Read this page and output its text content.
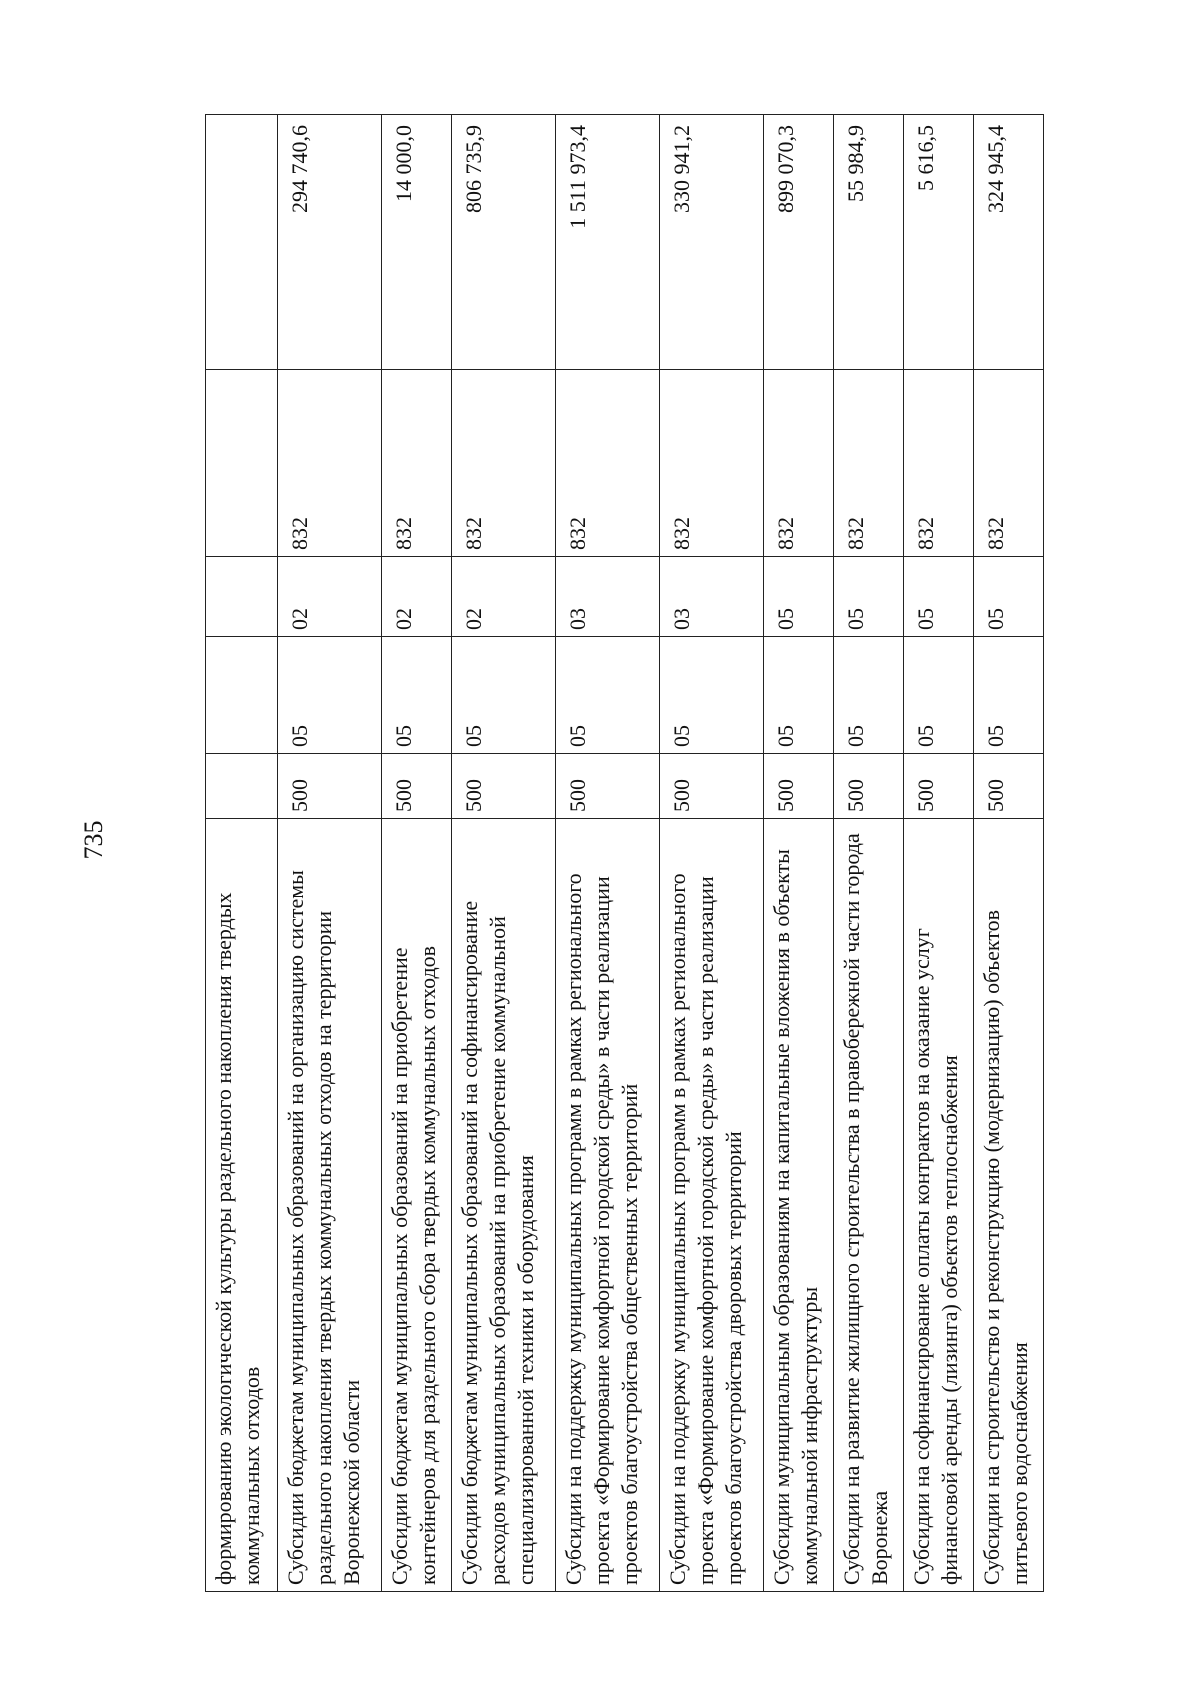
735
формированию экологической культуры раздельного накопления твердых коммунальных отходов					
Субсидии бюджетам муниципальных образований на организацию системы раздельного накопления твердых коммунальных отходов на территории Воронежской области	500	05	02	832	294 740,6
Субсидии бюджетам муниципальных образований на приобретение контейнеров для раздельного сбора твердых коммунальных отходов	500	05	02	832	14 000,0
Субсидии бюджетам муниципальных образований на софинансирование расходов муниципальных образований на приобретение коммунальной специализированной техники и оборудования	500	05	02	832	806 735,9
Субсидии на поддержку муниципальных программ в рамках регионального проекта «Формирование комфортной городской среды» в части реализации проектов благоустройства общественных территорий	500	05	03	832	1 511 973,4
Субсидии на поддержку муниципальных программ в рамках регионального проекта «Формирование комфортной городской среды» в части реализации проектов благоустройства дворовых территорий	500	05	03	832	330 941,2
Субсидии муниципальным образованиям на капитальные вложения в объекты коммунальной инфраструктуры	500	05	05	832	899 070,3
Субсидии на развитие жилищного строительства в правобережной части города Воронежа	500	05	05	832	55 984,9
Субсидии на софинансирование оплаты контрактов на оказание услуг финансовой аренды (лизинга) объектов теплоснабжения	500	05	05	832	5 616,5
Субсидии на строительство и реконструкцию (модернизацию) объектов питьевого водоснабжения	500	05	05	832	324 945,4
